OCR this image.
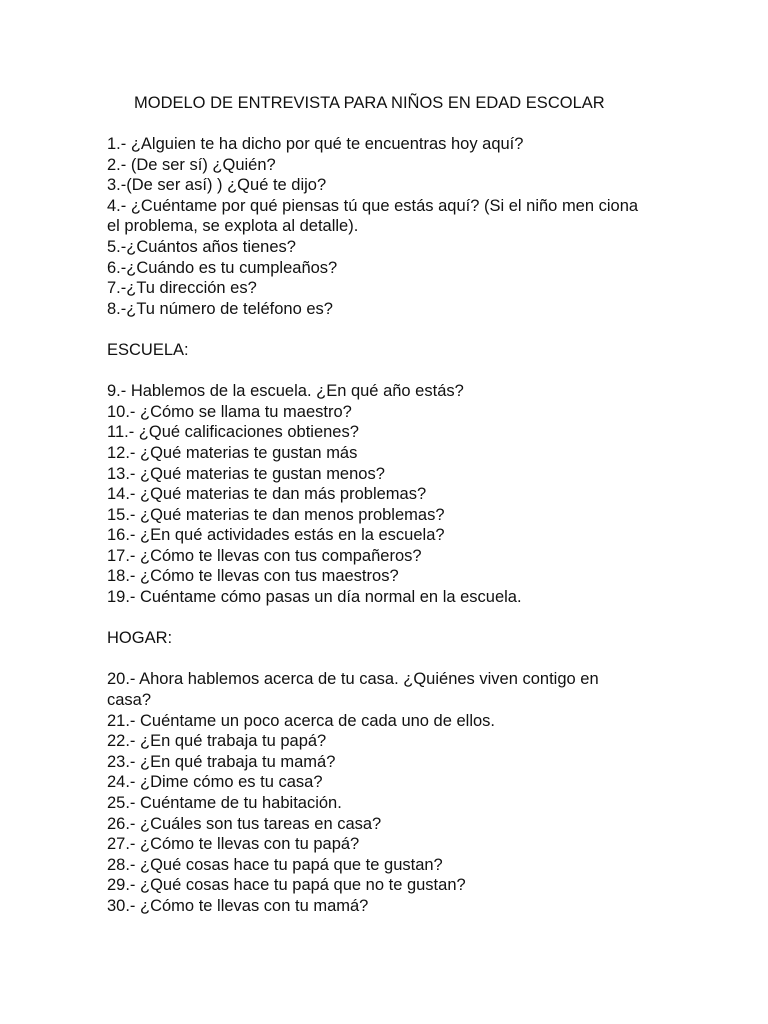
MODELO DE ENTREVISTA PARA NIÑOS EN EDAD ESCOLAR
1.- ¿Alguien te ha dicho por qué te encuentras hoy aquí?
2.- (De ser sí) ¿Quién?
3.-(De ser así) ) ¿Qué te dijo?
4.- ¿Cuéntame por qué piensas tú que estás aquí? (Si el niño men ciona el problema, se explota al detalle).
5.-¿Cuántos años tienes?
6.-¿Cuándo es tu cumpleaños?
7.-¿Tu dirección es?
8.-¿Tu número de teléfono es?
ESCUELA:
9.- Hablemos de la escuela. ¿En qué año estás?
10.- ¿Cómo se llama tu maestro?
11.- ¿Qué calificaciones obtienes?
12.- ¿Qué materias te gustan más
13.- ¿Qué materias te gustan menos?
14.- ¿Qué materias te dan más problemas?
15.- ¿Qué materias te dan menos problemas?
16.- ¿En qué actividades estás en la escuela?
17.- ¿Cómo te llevas con tus compañeros?
18.- ¿Cómo te llevas con tus maestros?
19.- Cuéntame cómo pasas un día normal en la escuela.
HOGAR:
20.- Ahora hablemos acerca de tu casa. ¿Quiénes viven contigo en casa?
21.- Cuéntame un poco acerca de cada uno de ellos.
22.- ¿En qué trabaja tu papá?
23.- ¿En qué trabaja tu mamá?
24.- ¿Dime cómo es tu casa?
25.- Cuéntame de tu habitación.
26.- ¿Cuáles son tus tareas en casa?
27.- ¿Cómo te llevas con tu papá?
28.- ¿Qué cosas hace tu papá que te gustan?
29.- ¿Qué cosas hace tu papá que no te gustan?
30.- ¿Cómo te llevas con tu mamá?
